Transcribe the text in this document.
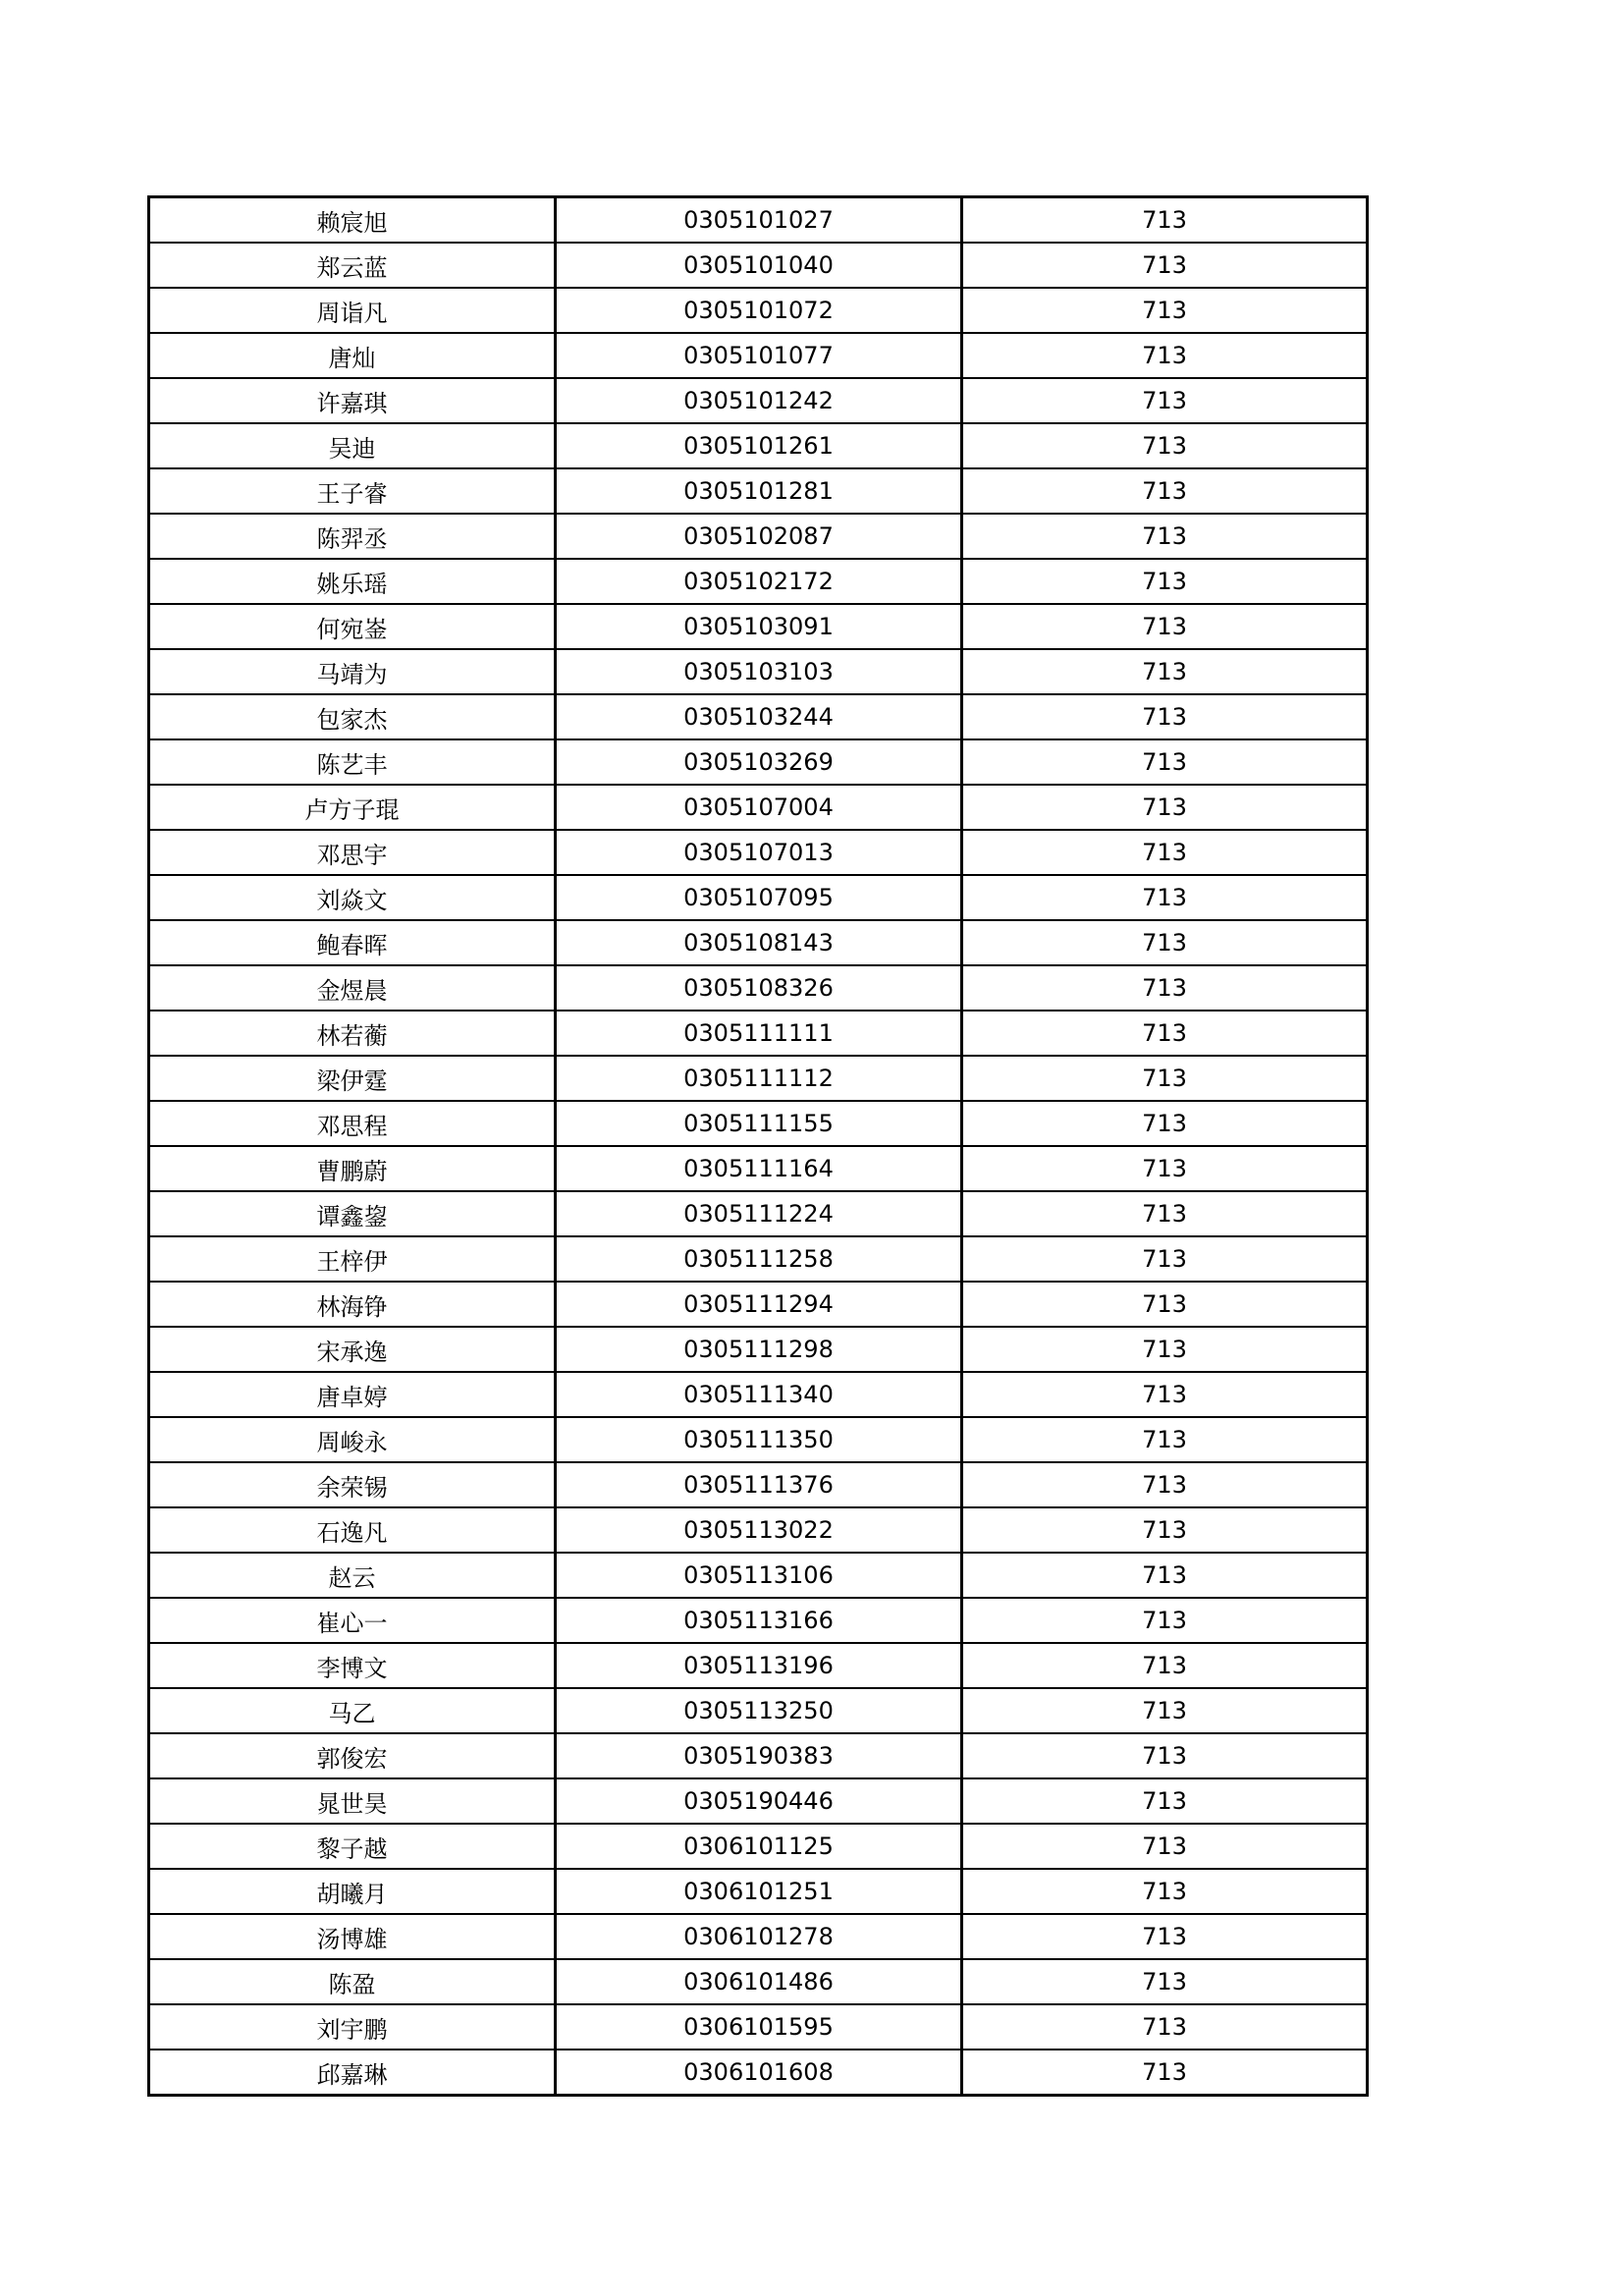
赖宸旭	0305101027	713
郑云蓝	0305101040	713
周诣凡	0305101072	713
唐灿	0305101077	713
许嘉琪	0305101242	713
吴迪	0305101261	713
王子睿	0305101281	713
陈羿丞	0305102087	713
姚乐瑶	0305102172	713
何宛崟	0305103091	713
马靖为	0305103103	713
包家杰	0305103244	713
陈艺丰	0305103269	713
卢方子琨	0305107004	713
邓思宇	0305107013	713
刘焱文	0305107095	713
鲍春晖	0305108143	713
金煜晨	0305108326	713
林若蘅	0305111111	713
梁伊霆	0305111112	713
邓思程	0305111155	713
曹鹏蔚	0305111164	713
谭鑫鋆	0305111224	713
王梓伊	0305111258	713
林海铮	0305111294	713
宋承逸	0305111298	713
唐卓婷	0305111340	713
周峻永	0305111350	713
余荣锡	0305111376	713
石逸凡	0305113022	713
赵云	0305113106	713
崔心一	0305113166	713
李博文	0305113196	713
马乙	0305113250	713
郭俊宏	0305190383	713
晁世昊	0305190446	713
黎子越	0306101125	713
胡曦月	0306101251	713
汤博雄	0306101278	713
陈盈	0306101486	713
刘宇鹏	0306101595	713
邱嘉琳	0306101608	713
